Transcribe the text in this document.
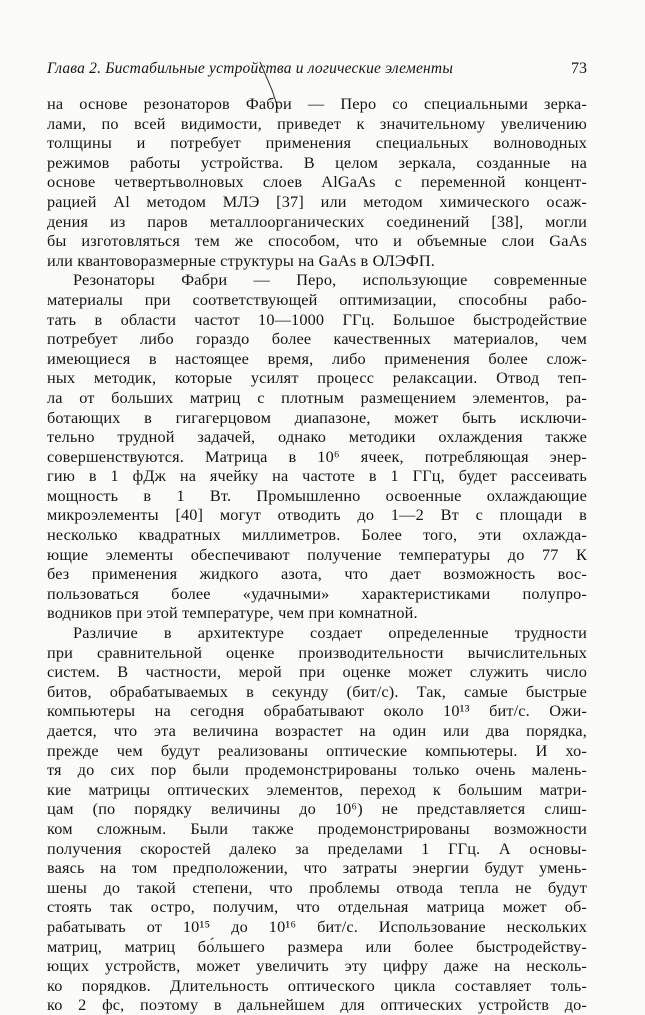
Глава 2. Бистабильные устройства и логические элементы	73
на основе резонаторов Фабри — Перо со специальными зерка-
лами, по всей видимости, приведет к значительному увеличению
толщины и потребует применения специальных волноводных
режимов работы устройства. В целом зеркала, созданные на
основе четвертьволновых слоев AlGaAs с переменной концент-
рацией Al методом МЛЭ [37] или методом химического осаж-
дения из паров металлоорганических соединений [38], могли
бы изготовляться тем же способом, что и объемные слои GaAs
или квантоворазмерные структуры на GaAs в ОЛЭФП.
Резонаторы Фабри — Перо, использующие современные
материалы при соответствующей оптимизации, способны рабо-
тать в области частот 10—1000 ГГц. Большое быстродействие
потребует либо гораздо более качественных материалов, чем
имеющиеся в настоящее время, либо применения более слож-
ных методик, которые усилят процесс релаксации. Отвод теп-
ла от больших матриц с плотным размещением элементов, ра-
ботающих в гигагерцовом диапазоне, может быть исключи-
тельно трудной задачей, однако методики охлаждения также
совершенствуются. Матрица в 10⁶ ячеек, потребляющая энер-
гию в 1 фДж на ячейку на частоте в 1 ГГц, будет рассеивать
мощность в 1 Вт. Промышленно освоенные охлаждающие
микроэлементы [40] могут отводить до 1—2 Вт с площади в
несколько квадратных миллиметров. Более того, эти охлажда-
ющие элементы обеспечивают получение температуры до 77 К
без применения жидкого азота, что дает возможность вос-
пользоваться более «удачными» характеристиками полупро-
водников при этой температуре, чем при комнатной.
Различие в архитектуре создает определенные трудности
при сравнительной оценке производительности вычислительных
систем. В частности, мерой при оценке может служить число
битов, обрабатываемых в секунду (бит/с). Так, самые быстрые
компьютеры на сегодня обрабатывают около 10¹³ бит/с. Ожи-
дается, что эта величина возрастет на один или два порядка,
прежде чем будут реализованы оптические компьютеры. И хо-
тя до сих пор были продемонстрированы только очень малень-
кие матрицы оптических элементов, переход к большим матри-
цам (по порядку величины до 10⁶) не представляется слиш-
ком сложным. Были также продемонстрированы возможности
получения скоростей далеко за пределами 1 ГГц. А основы-
ваясь на том предположении, что затраты энергии будут умень-
шены до такой степени, что проблемы отвода тепла не будут
стоять так остро, получим, что отдельная матрица может об-
рабатывать от 10¹⁵ до 10¹⁶ бит/с. Использование нескольких
матриц, матриц бо́льшего размера или более быстродейству-
ющих устройств, может увеличить эту цифру даже на несколь-
ко порядков. Длительность оптического цикла составляет толь-
ко 2 фс, поэтому в дальнейшем для оптических устройств до-
